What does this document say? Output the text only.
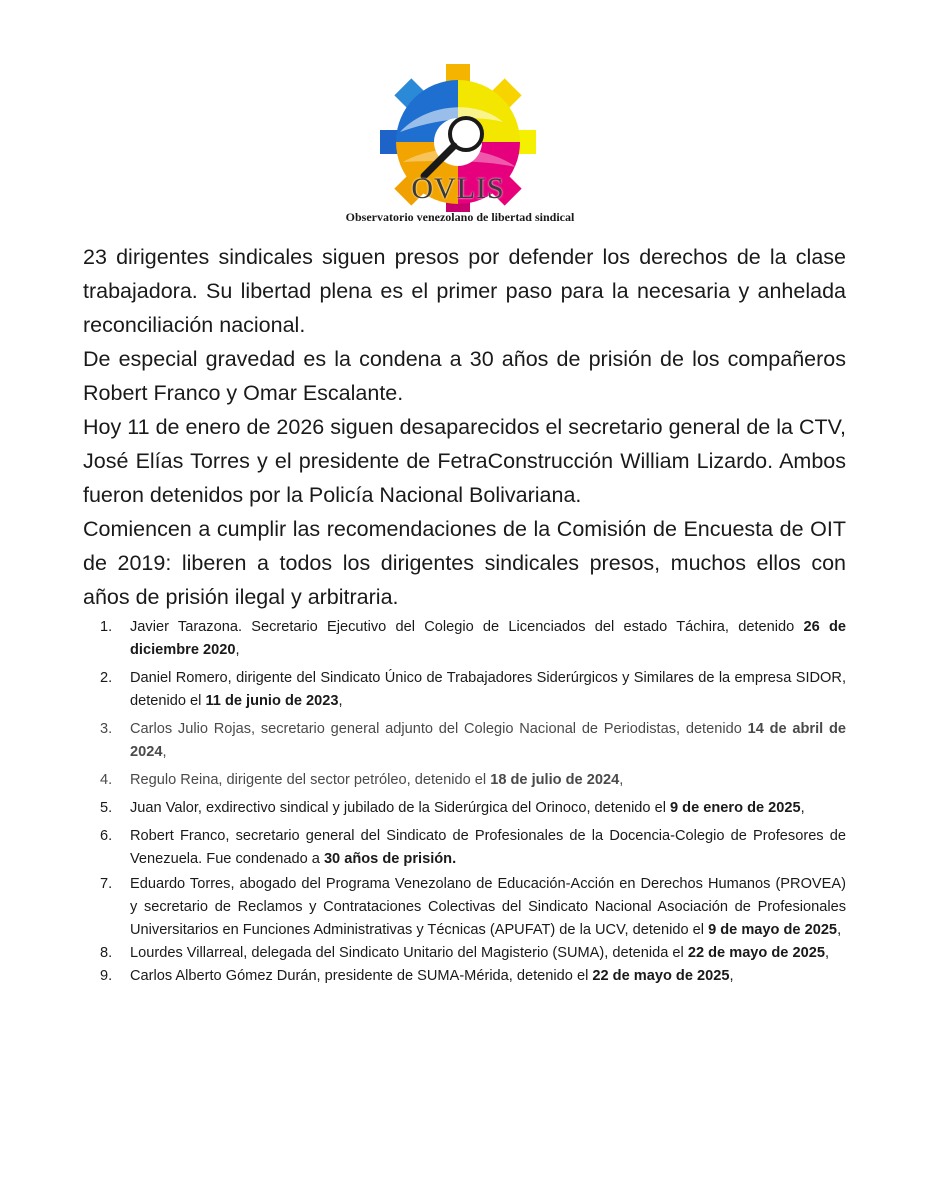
OVLIS
Observatorio venezolano de libertad sindical

23 dirigentes sindicales siguen presos por defender los derechos de la clase trabajadora. Su libertad plena es el primer paso para la necesaria y anhelada reconciliación nacional.

De especial gravedad es la condena a 30 años de prisión de los compañeros Robert Franco y Omar Escalante.

Hoy 11 de enero de 2026 siguen desaparecidos el secretario general de la CTV, José Elías Torres y el presidente de FetraConstrucción William Lizardo. Ambos fueron detenidos por la Policía Nacional Bolivariana.

Comiencen a cumplir las recomendaciones de la Comisión de Encuesta de OIT de 2019: liberen a todos los dirigentes sindicales presos, muchos ellos con años de prisión ilegal y arbitraria.

1.	Javier Tarazona. Secretario Ejecutivo del Colegio de Licenciados del estado Táchira, detenido 26 de diciembre 2020,
2.	Daniel Romero, dirigente del Sindicato Único de Trabajadores Siderúrgicos y Similares de la empresa SIDOR, detenido el 11 de junio de 2023,
3.	Carlos Julio Rojas, secretario general adjunto del Colegio Nacional de Periodistas, detenido 14 de abril de 2024,
4.	Regulo Reina, dirigente del sector petróleo, detenido el 18 de julio de 2024,
5.	Juan Valor, exdirectivo sindical y jubilado de la Siderúrgica del Orinoco, detenido el 9 de enero de 2025,
6.	Robert Franco, secretario general del Sindicato de Profesionales de la Docencia-Colegio de Profesores de Venezuela. Fue condenado a 30 años de prisión.
7.	Eduardo Torres, abogado del Programa Venezolano de Educación-Acción en Derechos Humanos (PROVEA) y secretario de Reclamos y Contrataciones Colectivas del Sindicato Nacional Asociación de Profesionales Universitarios en Funciones Administrativas y Técnicas (APUFAT) de la UCV, detenido el 9 de mayo de 2025,
8.	Lourdes Villarreal, delegada del Sindicato Unitario del Magisterio (SUMA), detenida el 22 de mayo de 2025,
9.	Carlos Alberto Gómez Durán, presidente de SUMA-Mérida, detenido el 22 de mayo de 2025,
